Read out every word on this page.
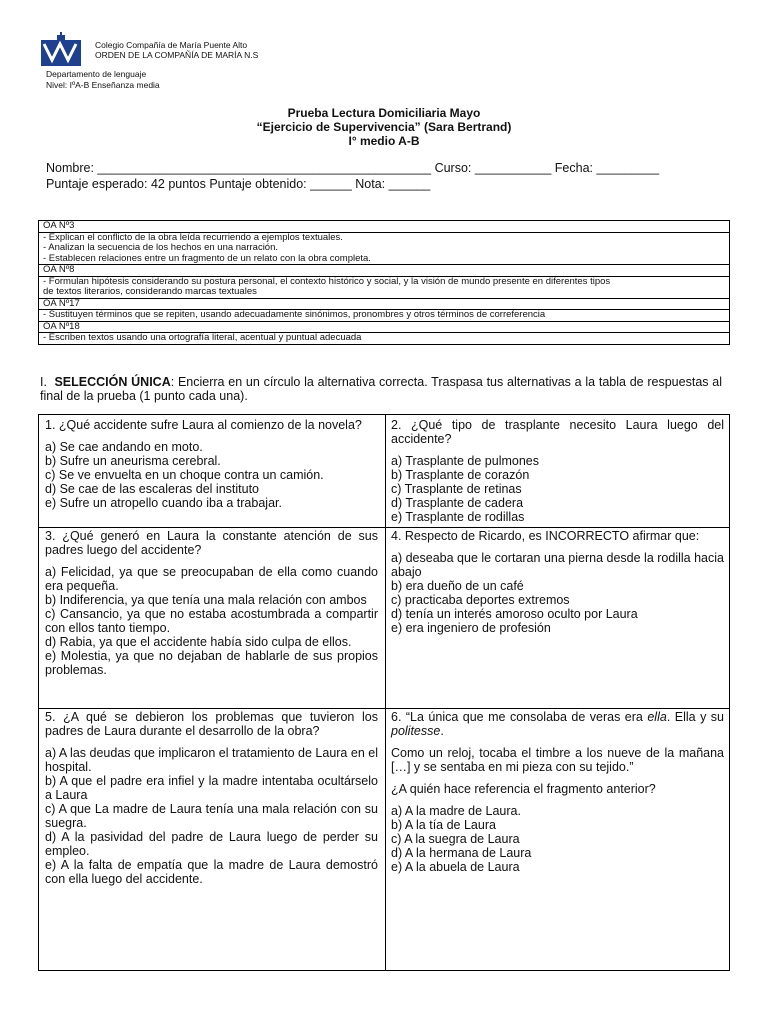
Colegio Compañía de María Puente Alto
ORDEN DE LA COMPAÑÍA DE MARÍA N.S
Departamento de lenguaje
Nivel: IºA-B Enseñanza media
Prueba Lectura Domiciliaria Mayo
“Ejercicio de Supervivencia” (Sara Bertrand)
I° medio A-B
Nombre: ________________________________________________ Curso: ___________ Fecha: _________
Puntaje esperado: 42 puntos Puntaje obtenido: ______ Nota: ______
OA Nº3

- Explican el conflicto de la obra leída recurriendo a ejemplos textuales.
- Analizan la secuencia de los hechos en una narración.
- Establecen relaciones entre un fragmento de un relato con la obra completa.

OA Nº8

- Formulan hipótesis considerando su postura personal, el contexto histórico y social, y la visión de mundo presente en diferentes tipos
de textos literarios, considerando marcas textuales

OA Nº17
- Sustituyen términos que se repiten, usando adecuadamente sinónimos, pronombres y otros términos de correferencia
OA Nº18
- Escriben textos usando una ortografía literal, acentual y puntual adecuada
I. SELECCIÓN ÚNICA: Encierra en un círculo la alternativa correcta. Traspasa tus alternativas a la tabla de respuestas al final de la prueba (1 punto cada una).

1. ¿Qué accidente sufre Laura al comienzo de la novela?

a) Se cae andando en moto.

b) Sufre un aneurisma cerebral.

c) Se ve envuelta en un choque contra un camión.

d) Se cae de las escaleras del instituto

e) Sufre un atropello cuando iba a trabajar.

2. ¿Qué tipo de trasplante necesito Laura luego del accidente?

a) Trasplante de pulmones

b) Trasplante de corazón

c) Trasplante de retinas

d) Trasplante de cadera

e) Trasplante de rodillas

3. ¿Qué generó en Laura la constante atención de sus padres luego del accidente?

a) Felicidad, ya que se preocupaban de ella como cuando era pequeña.

b) Indiferencia, ya que tenía una mala relación con ambos

c) Cansancio, ya que no estaba acostumbrada a compartir con ellos tanto tiempo.

d) Rabia, ya que el accidente había sido culpa de ellos.

e) Molestia, ya que no dejaban de hablarle de sus propios problemas.

4. Respecto de Ricardo, es INCORRECTO afirmar que:

a) deseaba que le cortaran una pierna desde la rodilla hacia abajo

b) era dueño de un café

c) practicaba deportes extremos

d) tenía un interés amoroso oculto por Laura

e) era ingeniero de profesión

5. ¿A qué se debieron los problemas que tuvieron los padres de Laura durante el desarrollo de la obra?

a) A las deudas que implicaron el tratamiento de Laura en el hospital.

b) A que el padre era infiel y la madre intentaba ocultárselo a Laura

c) A que La madre de Laura tenía una mala relación con su suegra.

d) A la pasividad del padre de Laura luego de perder su empleo.

e) A la falta de empatía que la madre de Laura demostró con ella luego del accidente.

6. “La única que me consolaba de veras era ella. Ella y su politesse.

Como un reloj, tocaba el timbre a los nueve de la mañana […] y se sentaba en mi pieza con su tejido.”

¿A quién hace referencia el fragmento anterior?

a) A la madre de Laura.

b) A la tía de Laura

c) A la suegra de Laura

d) A la hermana de Laura

e) A la abuela de Laura
